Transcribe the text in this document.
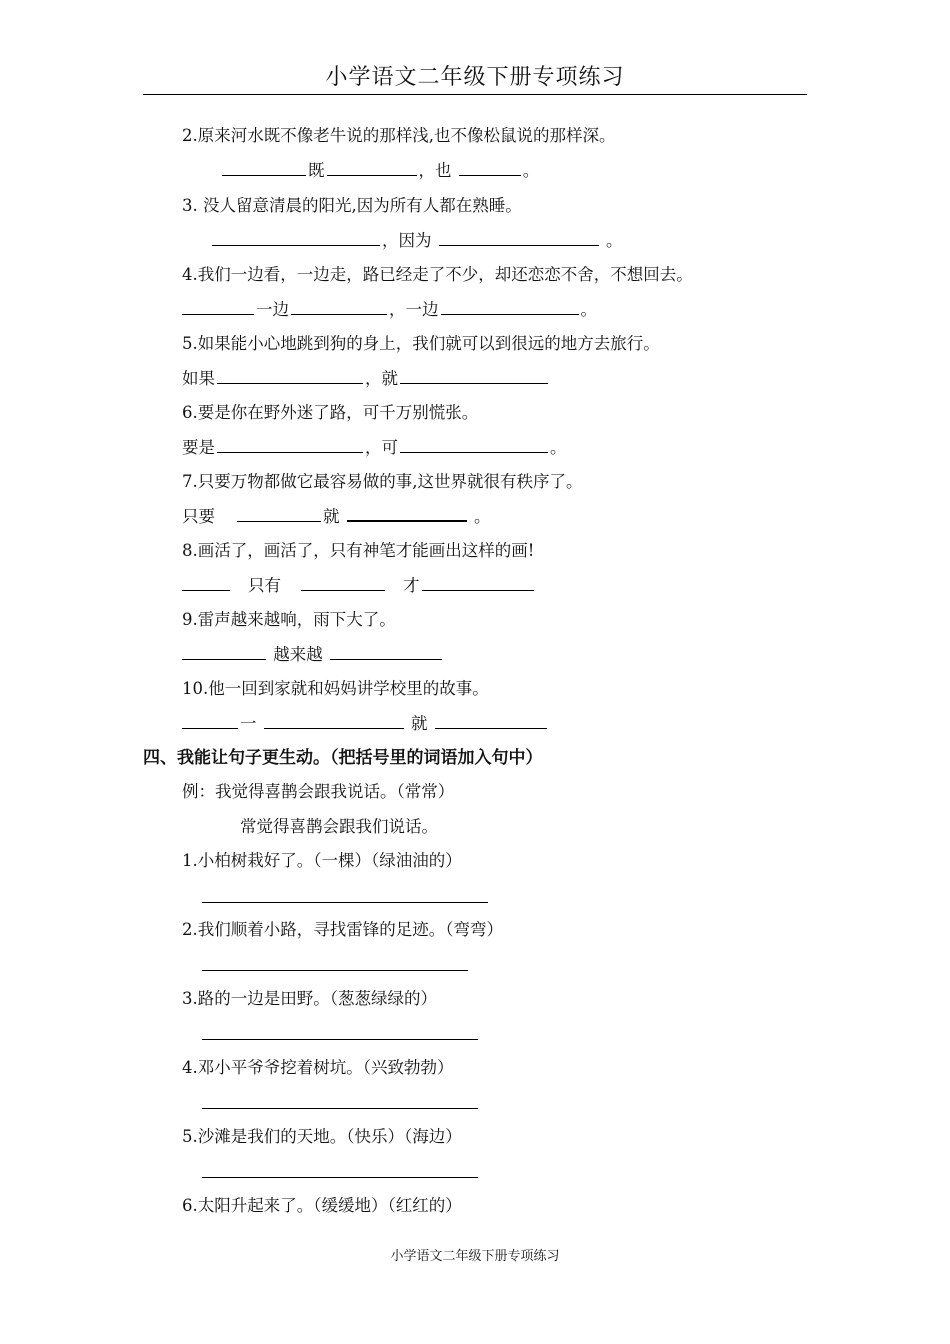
小学语文二年级下册专项练习
2.原来河水既不像老牛说的那样浅,也不像松鼠说的那样深。
既	，也	。
3. 没人留意清晨的阳光,因为所有人都在熟睡。
，因为	。
4.我们一边看，一边走，路已经走了不少，却还恋恋不舍，不想回去。
一边	，一边	。
5.如果能小心地跳到狗的身上，我们就可以到很远的地方去旅行。
如果	，就
6.要是你在野外迷了路，可千万别慌张。
要是	，可	。
7.只要万物都做它最容易做的事,这世界就很有秩序了。
只要	就	。
8.画活了，画活了，只有神笔才能画出这样的画!
只有	才
9.雷声越来越响，雨下大了。
越来越
10.他一回到家就和妈妈讲学校里的故事。
一	就
四、我能让句子更生动。（把括号里的词语加入句中）
例：我觉得喜鹊会跟我说话。（常常）
常觉得喜鹊会跟我们说话。
1.小柏树栽好了。（一棵）（绿油油的）
2.我们顺着小路，寻找雷锋的足迹。（弯弯）
3.路的一边是田野。（葱葱绿绿的）
4.邓小平爷爷挖着树坑。（兴致勃勃）
5.沙滩是我们的天地。（快乐）（海边）
6.太阳升起来了。（缓缓地）（红红的）
小学语文二年级下册专项练习
